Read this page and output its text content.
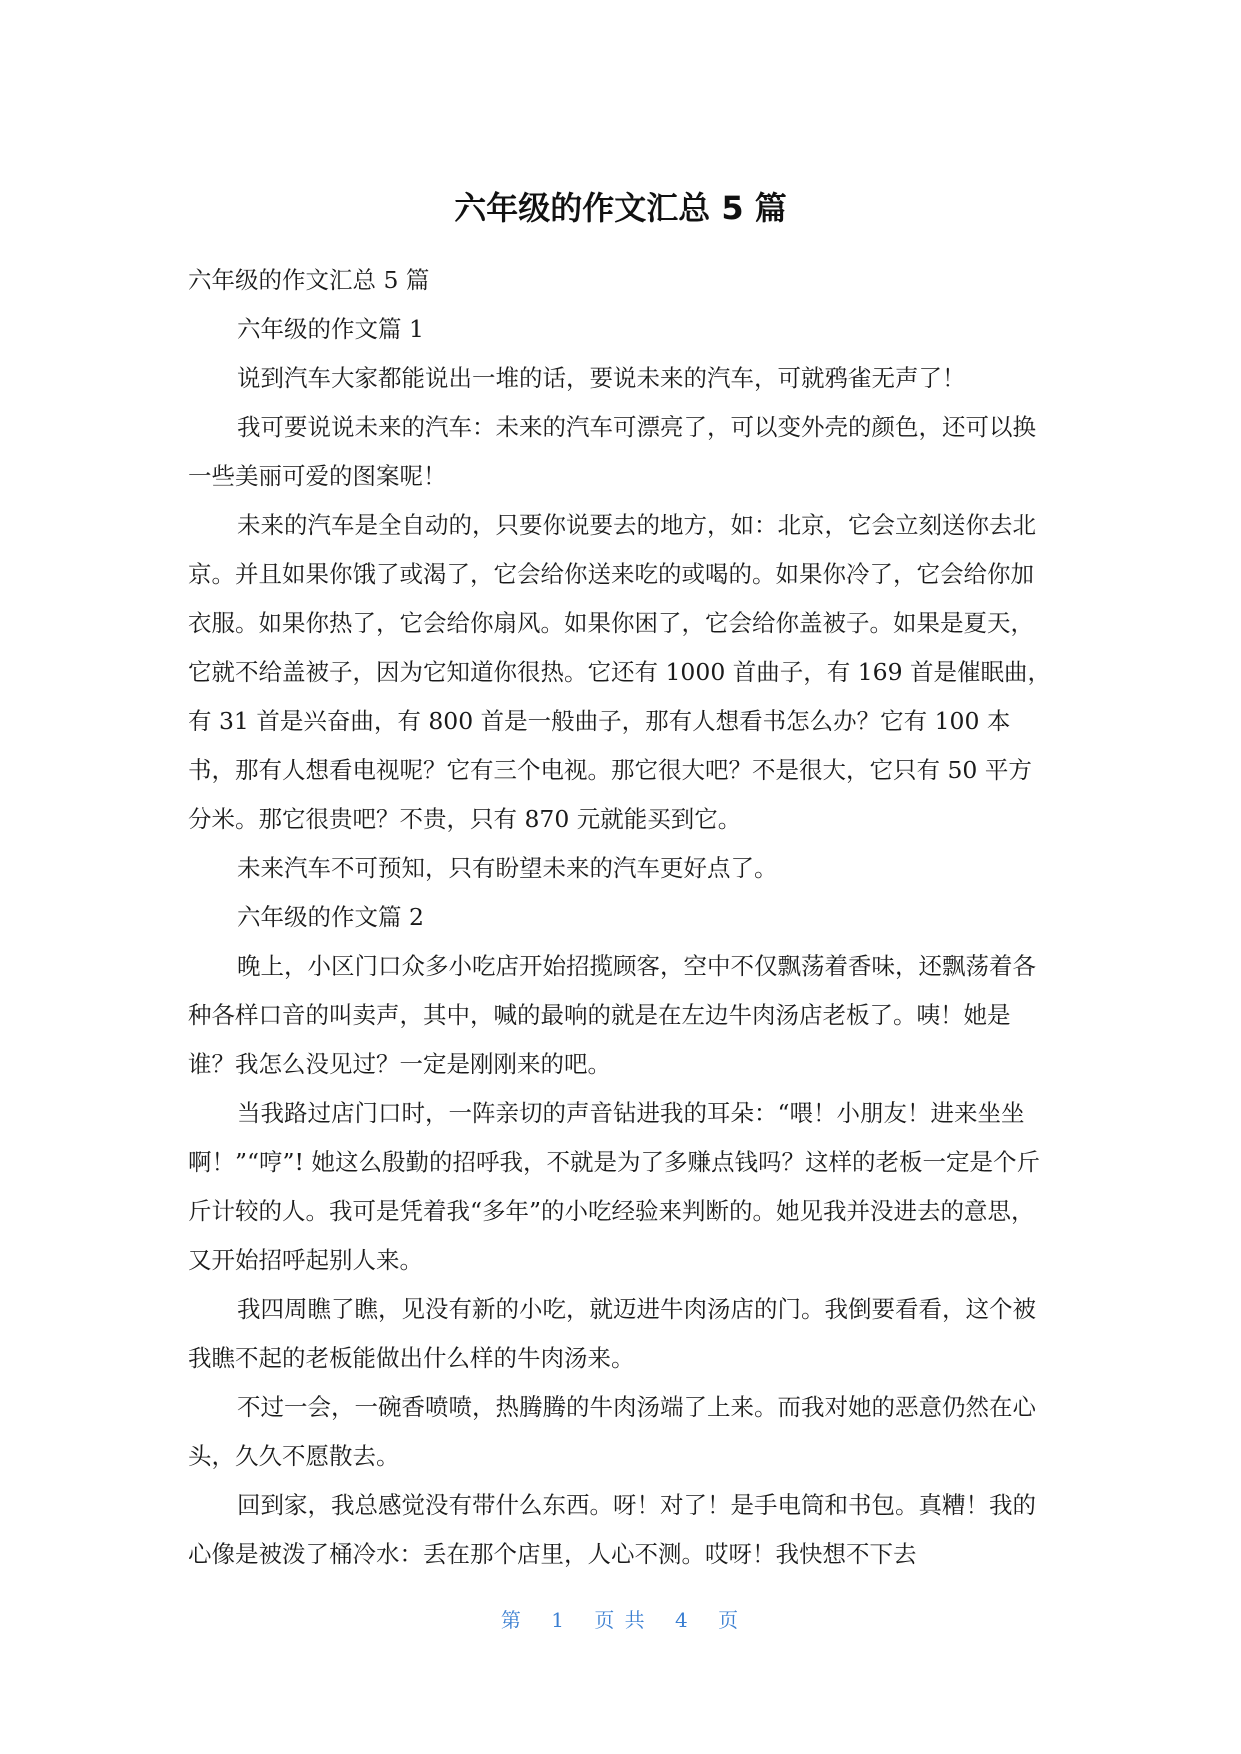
六年级的作文汇总 5 篇

六年级的作文汇总 5 篇

六年级的作文篇 1

说到汽车大家都能说出一堆的话，要说未来的汽车，可就鸦雀无声了！

我可要说说未来的汽车：未来的汽车可漂亮了，可以变外壳的颜色，还可以换一些美丽可爱的图案呢！

未来的汽车是全自动的，只要你说要去的地方，如：北京，它会立刻送你去北京。并且如果你饿了或渴了，它会给你送来吃的或喝的。如果你冷了，它会给你加衣服。如果你热了，它会给你扇风。如果你困了，它会给你盖被子。如果是夏天，它就不给盖被子，因为它知道你很热。它还有 1000 首曲子，有 169 首是催眠曲，有 31 首是兴奋曲，有 800 首是一般曲子，那有人想看书怎么办？它有 100 本书，那有人想看电视呢？它有三个电视。那它很大吧？不是很大，它只有 50 平方分米。那它很贵吧？不贵，只有 870 元就能买到它。

未来汽车不可预知，只有盼望未来的汽车更好点了。

六年级的作文篇 2

晚上，小区门口众多小吃店开始招揽顾客，空中不仅飘荡着香味，还飘荡着各种各样口音的叫卖声，其中，喊的最响的就是在左边牛肉汤店老板了。咦！她是谁？我怎么没见过？一定是刚刚来的吧。

当我路过店门口时，一阵亲切的声音钻进我的耳朵：“喂！小朋友！进来坐坐啊！”“哼”! 她这么殷勤的招呼我，不就是为了多赚点钱吗？这样的老板一定是个斤斤计较的人。我可是凭着我“多年”的小吃经验来判断的。她见我并没进去的意思，又开始招呼起别人来。

我四周瞧了瞧，见没有新的小吃，就迈进牛肉汤店的门。我倒要看看，这个被我瞧不起的老板能做出什么样的牛肉汤来。

不过一会，一碗香喷喷，热腾腾的牛肉汤端了上来。而我对她的恶意仍然在心头，久久不愿散去。

回到家，我总感觉没有带什么东西。呀！对了！是手电筒和书包。真糟！我的心像是被泼了桶冷水：丢在那个店里，人心不测。哎呀！我快想不下去

第 1 页 共 4 页
